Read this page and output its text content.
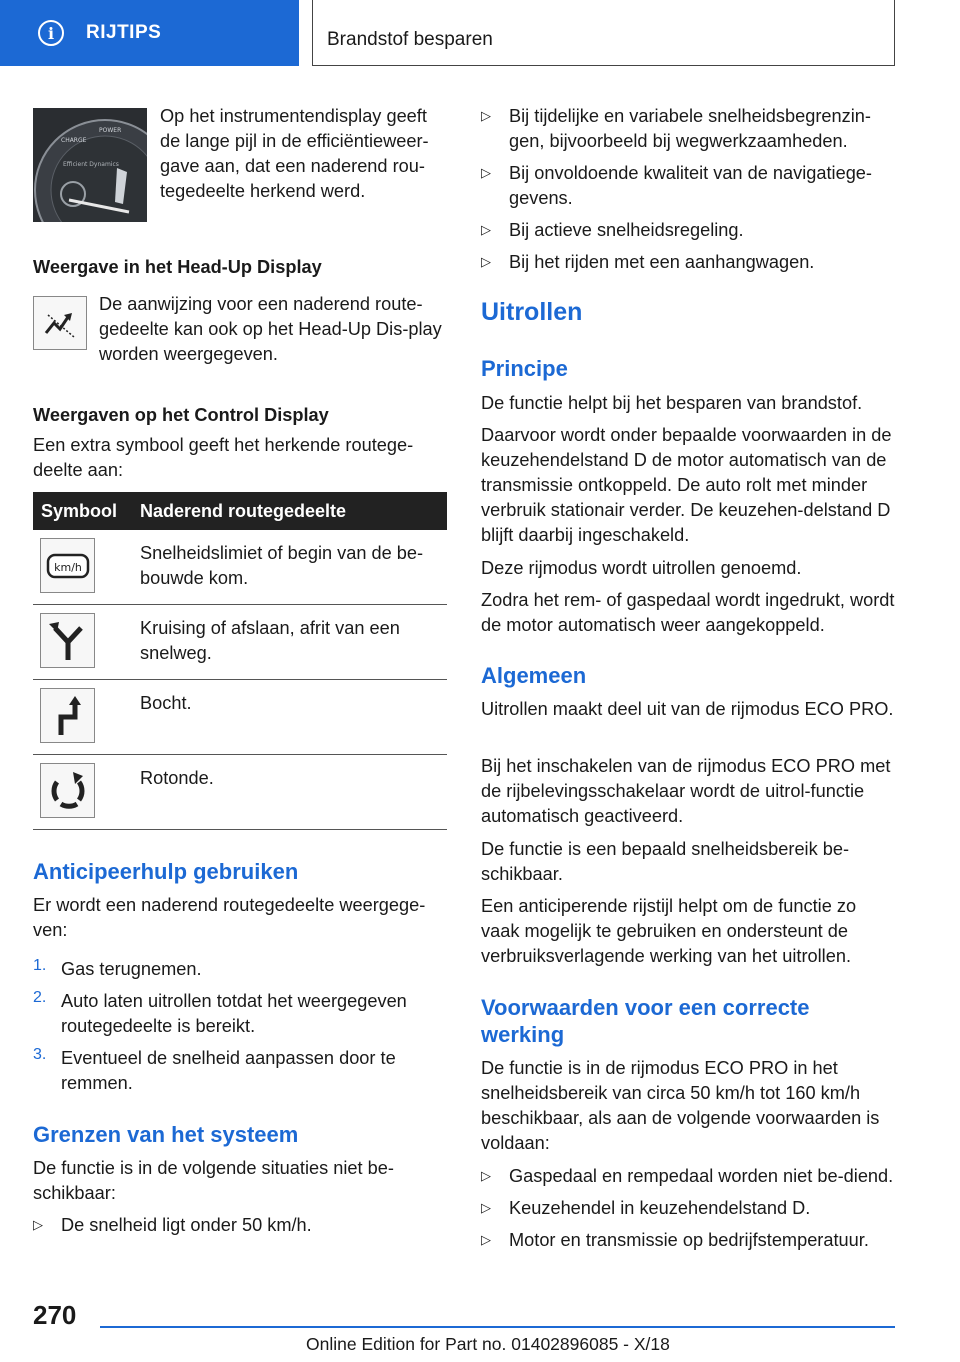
i	RIJTIPS	Brandstof besparen
CHARGE
POWER
Efficient Dynamics

Op het instrumentendisplay geeft de lange pijl in de efficiëntieweer-gave aan, dat een naderend rou-tegedeelte herkend werd.

Weergave in het Head-Up Display

De aanwijzing voor een naderend route-gedeelte kan ook op het Head-Up Dis-play worden weergegeven.

Weergaven op het Control Display

Een extra symbool geeft het herkende routege-deelte aan:

Symbool	Naderend routegedeelte
km/h
Snelheidslimiet of begin van de be-bouwde kom.
Kruising of afslaan, afrit van een snelweg.
Bocht.
Rotonde.

Anticipeerhulp gebruiken

Er wordt een naderend routegedeelte weergege-ven:

1. Gas terugnemen.

2. Auto laten uitrollen totdat het weergegeven routegedeelte is bereikt.

3. Eventueel de snelheid aanpassen door te remmen.

Grenzen van het systeem

De functie is in de volgende situaties niet be-schikbaar:

▷ De snelheid ligt onder 50 km/h.

▷ Bij tijdelijke en variabele snelheidsbegrenzin-gen, bijvoorbeeld bij wegwerkzaamheden.

▷ Bij onvoldoende kwaliteit van de navigatiege-gevens.

▷ Bij actieve snelheidsregeling.

▷ Bij het rijden met een aanhangwagen.

Uitrollen

Principe

De functie helpt bij het besparen van brandstof.

Daarvoor wordt onder bepaalde voorwaarden in de keuzehendelstand D de motor automatisch van de transmissie ontkoppeld. De auto rolt met minder verbruik stationair verder. De keuzehen-delstand D blijft daarbij ingeschakeld.

Deze rijmodus wordt uitrollen genoemd.

Zodra het rem- of gaspedaal wordt ingedrukt, wordt de motor automatisch weer aangekoppeld.

Algemeen

Uitrollen maakt deel uit van de rijmodus ECO PRO.

Bij het inschakelen van de rijmodus ECO PRO met de rijbelevingsschakelaar wordt de uitrol-functie automatisch geactiveerd.

De functie is een bepaald snelheidsbereik be-schikbaar.

Een anticiperende rijstijl helpt om de functie zo vaak mogelijk te gebruiken en ondersteunt de verbruiksverlagende werking van het uitrollen.

Voorwaarden voor een correcte werking

De functie is in de rijmodus ECO PRO in het snelheidsbereik van circa 50 km/h tot 160 km/h beschikbaar, als aan de volgende voorwaarden is voldaan:

▷ Gaspedaal en rempedaal worden niet be-diend.

▷ Keuzehendel in keuzehendelstand D.

▷ Motor en transmissie op bedrijfstemperatuur.

270
Online Edition for Part no. 01402896085 - X/18
